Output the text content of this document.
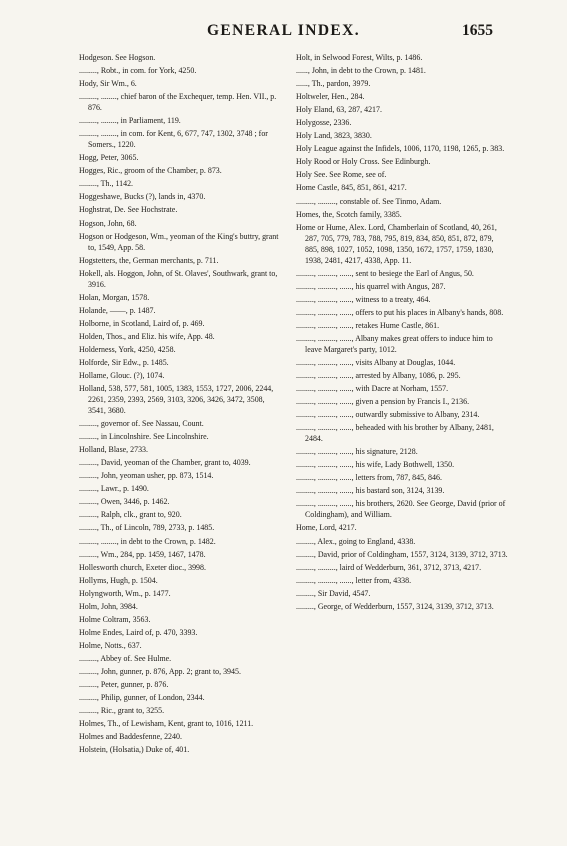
GENERAL INDEX.	1655
Hodgeson. See Hogson.
........., Robt., in com. for York, 4250.
Hody, Sir Wm., 6.
........., ........, chief baron of the Exchequer, temp. Hen. VII., p. 876.
........., ........, in Parliament, 119.
........., ........, in com. for Kent, 6, 677, 747, 1302, 3748 ; for Somers., 1220.
Hogg, Peter, 3065.
Hogges, Ric., groom of the Chamber, p. 873.
........., Th., 1142.
Hoggeshawe, Bucks (?), lands in, 4370.
Hoghstrat, De. See Hochstrate.
Hogson, John, 68.
Hogson or Hodgeson, Wm., yeoman of the King's buttry, grant to, 1549, App. 58.
Hogstetters, the, German merchants, p. 711.
Hokell, als. Hoggon, John, of St. Olaves', Southwark, grant to, 3916.
Holan, Morgan, 1578.
Holande, ——, p. 1487.
Holborne, in Scotland, Laird of, p. 469.
Holden, Thos., and Eliz. his wife, App. 48.
Holderness, York, 4250, 4258.
Holforde, Sir Edw., p. 1485.
Hollame, Glouc. (?), 1074.
Holland, 538, 577, 581, 1005, 1383, 1553, 1727, 2006, 2244, 2261, 2359, 2393, 2569, 3103, 3206, 3426, 3472, 3508, 3541, 3680.
........., governor of. See Nassau, Count.
........., in Lincolnshire. See Lincolnshire.
Holland, Blase, 2733.
........., David, yeoman of the Chamber, grant to, 4039.
........., John, yeoman usher, pp. 873, 1514.
........., Lawr., p. 1490.
........., Owen, 3446, p. 1462.
........., Ralph, clk., grant to, 920.
........., Th., of Lincoln, 789, 2733, p. 1485.
........., ........, in debt to the Crown, p. 1482.
........., Wm., 284, pp. 1459, 1467, 1478.
Hollesworth church, Exeter dioc., 3998.
Hollyms, Hugh, p. 1504.
Holyngworth, Wm., p. 1477.
Holm, John, 3984.
Holme Coltram, 3563.
Holme Endes, Laird of, p. 470, 3393.
Holme, Notts., 637.
........., Abbey of. See Hulme.
........., John, gunner, p. 876, App. 2; grant to, 3945.
........., Peter, gunner, p. 876.
........., Philip, gunner, of London, 2344.
........., Ric., grant to, 3255.
Holmes, Th., of Lewisham, Kent, grant to, 1016, 1211.
Holmes and Baddesfenne, 2240.
Holstein, (Holsatia,) Duke of, 401.
Holt, in Selwood Forest, Wilts, p. 1486.
......, John, in debt to the Crown, p. 1481.
......, Th., pardon, 3979.
Holtweler, Hen., 284.
Holy Eland, 63, 287, 4217.
Holygosse, 2336.
Holy Land, 3823, 3830.
Holy League against the Infidels, 1006, 1170, 1198, 1265, p. 383.
Holy Rood or Holy Cross. See Edinburgh.
Holy See. See Rome, see of.
Home Castle, 845, 851, 861, 4217.
........., ........., constable of. See Tinmo, Adam.
Homes, the, Scotch family, 3385.
Home or Hume, Alex. Lord, Chamberlain of Scotland, 40, 261, 287, 705, 779, 783, 788, 795, 819, 834, 850, 851, 872, 879, 885, 898, 1027, 1052, 1098, 1350, 1672, 1757, 1759, 1830, 1938, 2481, 4217, 4338, App. 11.
........., ........., ......, sent to besiege the Earl of Angus, 50.
........., ........., ......, his quarrel with Angus, 287.
........., ........., ......, witness to a treaty, 464.
........., ........., ......, offers to put his places in Albany's hands, 808.
........., ........., ......, retakes Hume Castle, 861.
........., ........., ......, Albany makes great offers to induce him to leave Margaret's party, 1012.
........., ........., ......, visits Albany at Douglas, 1044.
........., ........., ......, arrested by Albany, 1086, p. 295.
........., ........., ......, with Dacre at Norham, 1557.
........., ........., ......, given a pension by Francis I., 2136.
........., ........., ......, outwardly submissive to Albany, 2314.
........., ........., ......, beheaded with his brother by Albany, 2481, 2484.
........., ........., ......, his signature, 2128.
........., ........., ......, his wife, Lady Bothwell, 1350.
........., ........., ......, letters from, 787, 845, 846.
........., ........., ......, his bastard son, 3124, 3139.
........., ........., ......, his brothers, 2620. See George, David (prior of Coldingham), and William.
Home, Lord, 4217.
........., Alex., going to England, 4338.
........., David, prior of Coldingham, 1557, 3124, 3139, 3712, 3713.
........., ........., laird of Wedderburn, 361, 3712, 3713, 4217.
........., ........., ......, letter from, 4338.
........., Sir David, 4547.
........., George, of Wedderburn, 1557, 3124, 3139, 3712, 3713.
